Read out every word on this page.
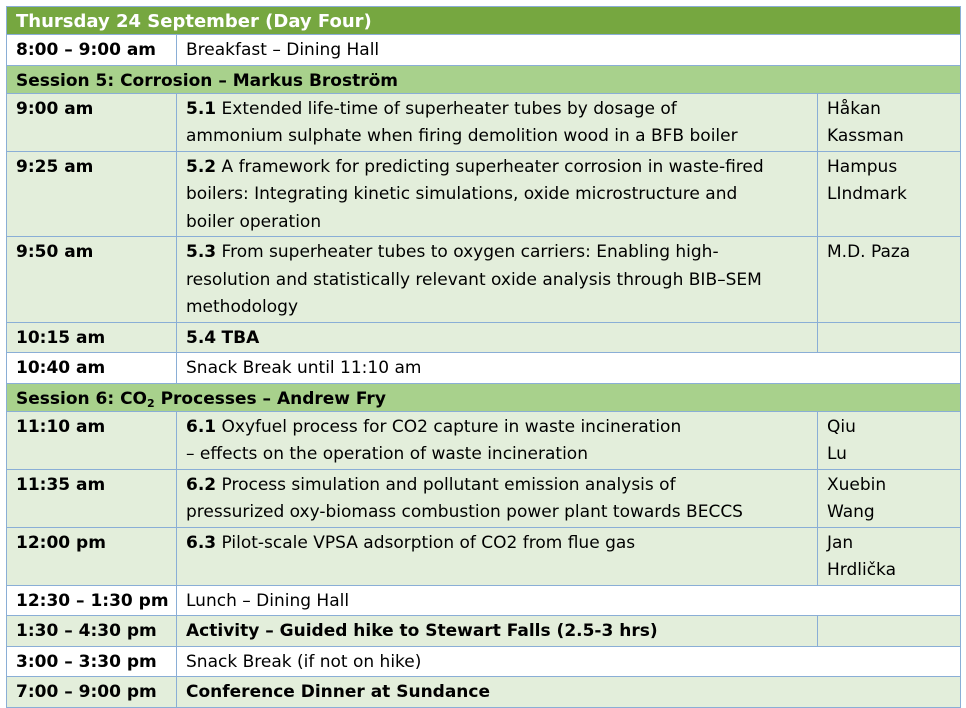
Thursday 24 September (Day Four)		
8:00 – 9:00 am	Breakfast – Dining Hall	
Session 5: Corrosion – Markus Broström		
9:00 am	5.1 Extended life-time of superheater tubes by dosage of
ammonium sulphate when firing demolition wood in a BFB boiler	Håkan
Kassman

9:25 am	5.2 A framework for predicting superheater corrosion in waste-fired
boilers: Integrating kinetic simulations, oxide microstructure and
boiler operation	Hampus
LIndmark

9:50 am	5.3 From superheater tubes to oxygen carriers: Enabling high-
resolution and statistically relevant oxide analysis through BIB–SEM
methodology	M.D. Paza

10:15 am	5.4 TBA	

10:40 am	Snack Break until 11:10 am	
Session 6: $CO_2$ Processes – Andrew Fry		
11:10 am	6.1 Oxyfuel process for CO2 capture in waste incineration
– effects on the operation of waste incineration	Qiu
Lu

11:35 am	6.2 Process simulation and pollutant emission analysis of
pressurized oxy-biomass combustion power plant towards BECCS	Xuebin
Wang

12:00 pm	6.3 Pilot-scale VPSA adsorption of CO2 from flue gas	Jan
Hrdlička

12:30 – 1:30 pm	Lunch – Dining Hall	
1:30 – 4:30 pm	Activity – Guided hike to Stewart Falls (2.5-3 hrs)	
3:00 – 3:30 pm	Snack Break (if not on hike)	
7:00 – 9:00 pm	Conference Dinner at Sundance	
